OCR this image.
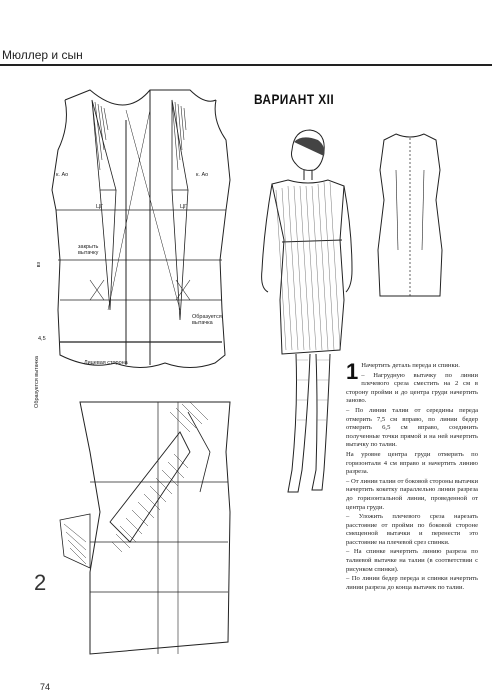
Мюллер и сын
к. Ао	к. Ао
закрыть вытачку
Образуется вытачка
Образуется вытачка	Лицевая сторона
4,5
ЦГ	ЦГ
вз
2
ВАРИАНТ XII
1 Начертить деталь переда и спинки.

– Нагрудную вытачку по линии плечевого среза сместить на 2 см в сторону пройми и до центра груди начертить заново.

– По линии талии от середины переда отмерить 7,5 см вправо, по линии бедер отмерить 6,5 см вправо, соединить полученные точки прямой и на ней начертить вытачку по талии.

На уровне центра груди отмерить по горизонтали 4 см вправо и начертить линию разреза.

– От линии талии от боковой стороны вытачки начертить кокетку параллельно линии разреза до горизонтальной линии, проведенной от центра груди.

– Уложить плечевого среза нарезать расстояние от пройми по боковой стороне смещенной вытачки и перенести это расстояние на плечевой срез спинки.

– На спинке начертить линию разреза по талиевой вытачке на талии (в соответствии с рисунком спинки).

– По линии бедер переда и спинки начертить линии разреза до конца вытачек по талии.

74
